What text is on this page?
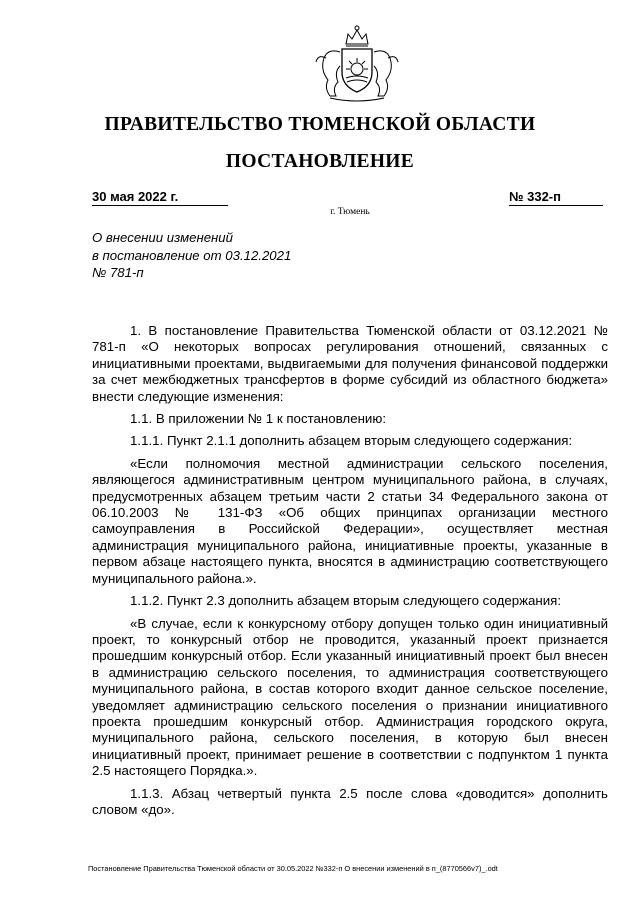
ПРАВИТЕЛЬСТВО ТЮМЕНСКОЙ ОБЛАСТИ
ПОСТАНОВЛЕНИЕ
30 мая 2022 г.	№ 332-п
г. Тюмень
О внесении изменений
в постановление от 03.12.2021
№ 781-п

1. В постановление Правительства Тюменской области от 03.12.2021 № 781-п «О некоторых вопросах регулирования отношений, связанных с инициативными проектами, выдвигаемыми для получения финансовой поддержки за счет межбюджетных трансфертов в форме субсидий из областного бюджета» внести следующие изменения:

1.1. В приложении № 1 к постановлению:

1.1.1. Пункт 2.1.1 дополнить абзацем вторым следующего содержания:

«Если полномочия местной администрации сельского поселения, являющегося административным центром муниципального района, в случаях, предусмотренных абзацем третьим части 2 статьи 34 Федерального закона от 06.10.2003 № 131-ФЗ «Об общих принципах организации местного самоуправления в Российской Федерации», осуществляет местная администрация муниципального района, инициативные проекты, указанные в первом абзаце настоящего пункта, вносятся в администрацию соответствующего муниципального района.».

1.1.2. Пункт 2.3 дополнить абзацем вторым следующего содержания:

«В случае, если к конкурсному отбору допущен только один инициативный проект, то конкурсный отбор не проводится, указанный проект признается прошедшим конкурсный отбор. Если указанный инициативный проект был внесен в администрацию сельского поселения, то администрация соответствующего муниципального района, в состав которого входит данное сельское поселение, уведомляет администрацию сельского поселения о признании инициативного проекта прошедшим конкурсный отбор. Администрация городского округа, муниципального района, сельского поселения, в которую был внесен инициативный проект, принимает решение в соответствии с подпунктом 1 пункта 2.5 настоящего Порядка.».

1.1.3. Абзац четвертый пункта 2.5 после слова «доводится» дополнить словом «до».

Постановление Правительства Тюменской области от 30.05.2022 №332-п О внесении изменений в п_(8770566v7)_.odt
